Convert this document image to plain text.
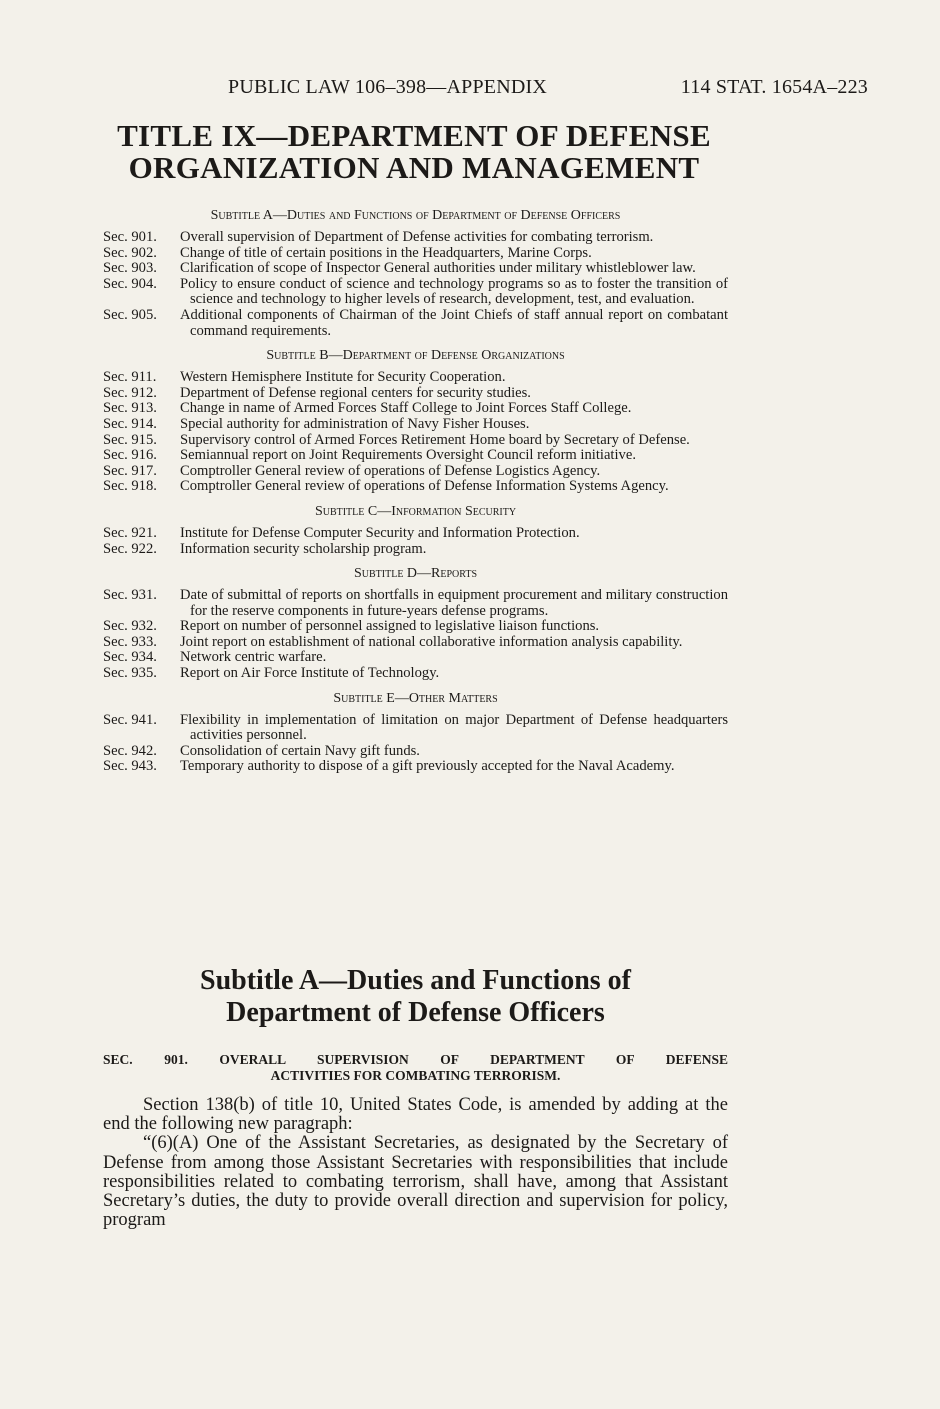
PUBLIC LAW 106–398—APPENDIX	114 STAT. 1654A–223
TITLE IX—DEPARTMENT OF DEFENSE
ORGANIZATION AND MANAGEMENT
Subtitle A—Duties and Functions of Department of Defense Officers
Sec. 901.	Overall supervision of Department of Defense activities for combating terrorism.
Sec. 902.	Change of title of certain positions in the Headquarters, Marine Corps.
Sec. 903.	Clarification of scope of Inspector General authorities under military whistleblower law.
Sec. 904.	Policy to ensure conduct of science and technology programs so as to foster the transition of science and technology to higher levels of research, development, test, and evaluation.
Sec. 905.	Additional components of Chairman of the Joint Chiefs of staff annual report on combatant command requirements.
Subtitle B—Department of Defense Organizations
Sec. 911.	Western Hemisphere Institute for Security Cooperation.
Sec. 912.	Department of Defense regional centers for security studies.
Sec. 913.	Change in name of Armed Forces Staff College to Joint Forces Staff College.
Sec. 914.	Special authority for administration of Navy Fisher Houses.
Sec. 915.	Supervisory control of Armed Forces Retirement Home board by Secretary of Defense.
Sec. 916.	Semiannual report on Joint Requirements Oversight Council reform initiative.
Sec. 917.	Comptroller General review of operations of Defense Logistics Agency.
Sec. 918.	Comptroller General review of operations of Defense Information Systems Agency.
Subtitle C—Information Security
Sec. 921.	Institute for Defense Computer Security and Information Protection.
Sec. 922.	Information security scholarship program.
Subtitle D—Reports
Sec. 931.	Date of submittal of reports on shortfalls in equipment procurement and military construction for the reserve components in future-years defense programs.
Sec. 932.	Report on number of personnel assigned to legislative liaison functions.
Sec. 933.	Joint report on establishment of national collaborative information analysis capability.
Sec. 934.	Network centric warfare.
Sec. 935.	Report on Air Force Institute of Technology.
Subtitle E—Other Matters
Sec. 941.	Flexibility in implementation of limitation on major Department of Defense headquarters activities personnel.
Sec. 942.	Consolidation of certain Navy gift funds.
Sec. 943.	Temporary authority to dispose of a gift previously accepted for the Naval Academy.
Subtitle A—Duties and Functions of
Department of Defense Officers
SEC. 901. OVERALL SUPERVISION OF DEPARTMENT OF DEFENSE
ACTIVITIES FOR COMBATING TERRORISM.

Section 138(b) of title 10, United States Code, is amended by adding at the end the following new paragraph:

“(6)(A) One of the Assistant Secretaries, as designated by the Secretary of Defense from among those Assistant Secretaries with responsibilities that include responsibilities related to combating terrorism, shall have, among that Assistant Secretary’s duties, the duty to provide overall direction and supervision for policy, program
